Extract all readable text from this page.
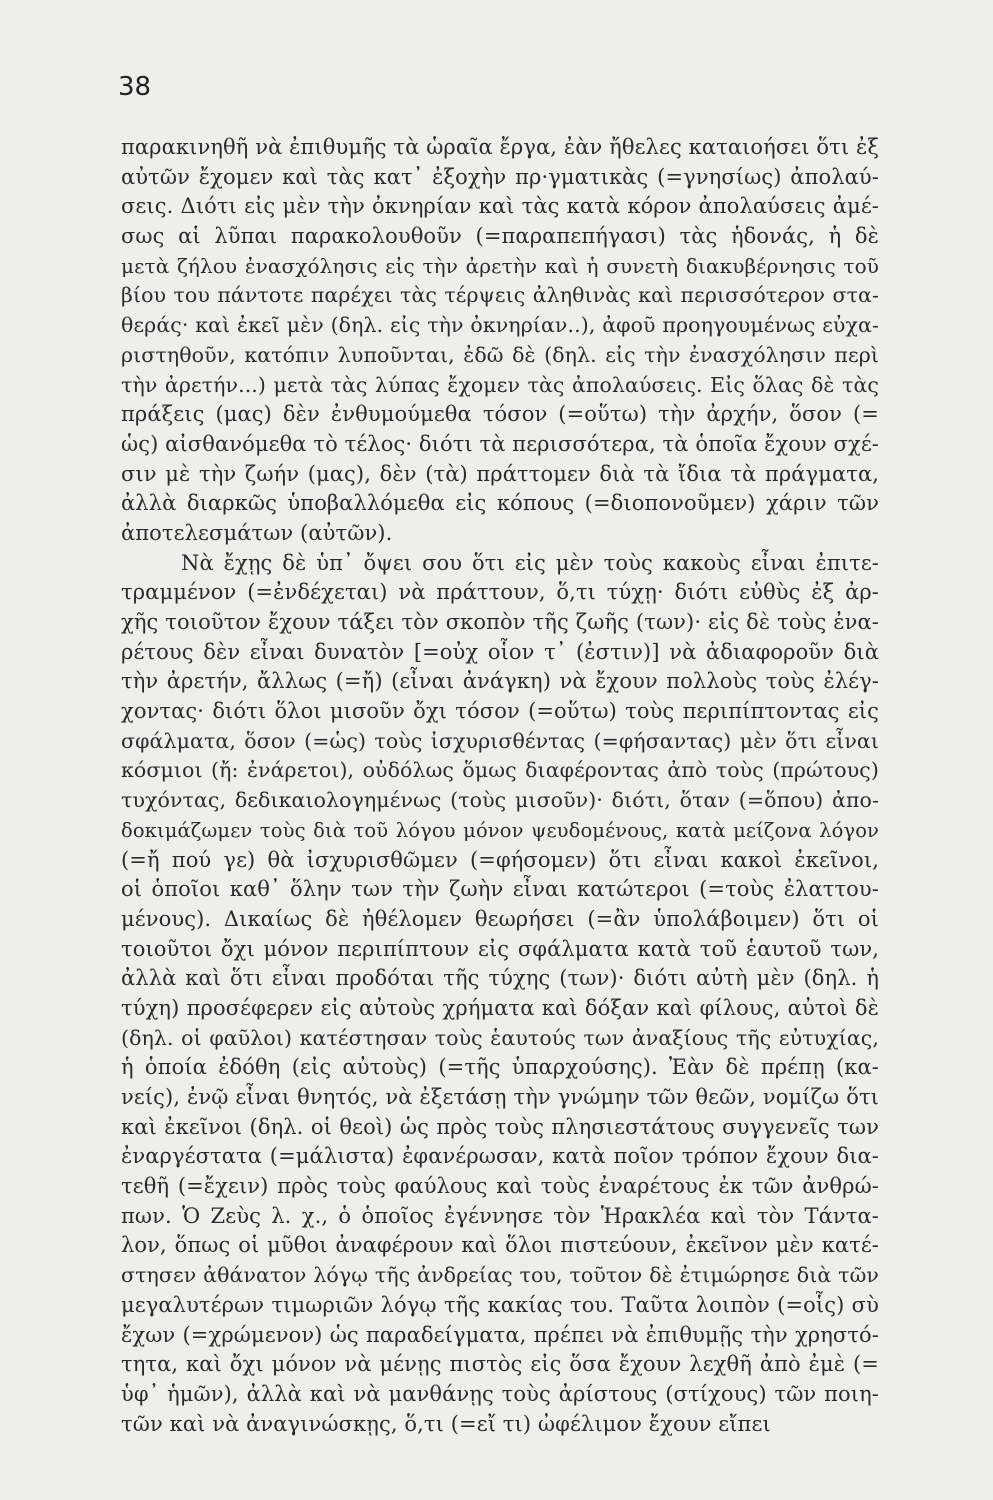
38
παρακινηθῆ νὰ ἐπιθυμῆς τὰ ὡραῖα ἔργα, ἐὰν ἤθελες καταιοήσει ὅτι ἐξ
αὐτῶν ἔχομεν καὶ τὰς κατ᾿ ἐξοχὴν πρ·γματικὰς (=γνησίως) ἀπολαύ-
σεις. Διότι εἰς μὲν τὴν ὀκνηρίαν καὶ τὰς κατὰ κόρον ἀπολαύσεις ἀμέ-
σως αἱ λῦπαι παρακολουθοῦν (=παραπεπήγασι) τὰς ἡδονάς, ἡ δὲ
μετὰ ζήλου ἐνασχόλησις εἰς τὴν ἀρετὴν καὶ ἡ συνετὴ διακυβέρνησις τοῦ
βίου του πάντοτε παρέχει τὰς τέρψεις ἀληθινὰς καὶ περισσότερον στα-
θεράς· καὶ ἐκεῖ μὲν (δηλ. εἰς τὴν ὀκνηρίαν..), ἀφοῦ προηγουμένως εὐχα-
ριστηθοῦν, κατόπιν λυποῦνται, ἐδῶ δὲ (δηλ. εἰς τὴν ἐνασχόλησιν περὶ
τὴν ἀρετήν...) μετὰ τὰς λύπας ἔχομεν τὰς ἀπολαύσεις. Εἰς ὅλας δὲ τὰς
πράξεις (μας) δὲν ἐνθυμούμεθα τόσον (=οὕτω) τὴν ἀρχήν, ὅσον (=
ὡς) αἰσθανόμεθα τὸ τέλος· διότι τὰ περισσότερα, τὰ ὁποῖα ἔχουν σχέ-
σιν μὲ τὴν ζωήν (μας), δὲν (τὰ) πράττομεν διὰ τὰ ἴδια τὰ πράγματα,
ἀλλὰ διαρκῶς ὑποβαλλόμεθα εἰς κόπους (=διοπονοῦμεν) χάριν τῶν
ἀποτελεσμάτων (αὐτῶν).
Νὰ ἔχῃς δὲ ὑπ᾿ ὄψει σου ὅτι εἰς μὲν τοὺς κακοὺς εἶναι ἐπιτε-
τραμμένον (=ἐνδέχεται) νὰ πράττουν, ὅ,τι τύχῃ· διότι εὐθὺς ἐξ ἀρ-
χῆς τοιοῦτον ἔχουν τάξει τὸν σκοπὸν τῆς ζωῆς (των)· εἰς δὲ τοὺς ἐνα-
ρέτους δὲν εἶναι δυνατὸν [=οὐχ οἷον τ᾿ (ἐστιν)] νὰ ἀδιαφοροῦν διὰ
τὴν ἀρετήν, ἄλλως (=ἤ) (εἶναι ἀνάγκη) νὰ ἔχουν πολλοὺς τοὺς ἐλέγ-
χοντας· διότι ὅλοι μισοῦν ὄχι τόσον (=οὕτω) τοὺς περιπίπτοντας εἰς
σφάλματα, ὅσον (=ὡς) τοὺς ἰσχυρισθέντας (=φήσαντας) μὲν ὅτι εἶναι
κόσμιοι (ἤ: ἐνάρετοι), οὐδόλως ὅμως διαφέροντας ἀπὸ τοὺς (πρώτους)
τυχόντας, δεδικαιολογημένως (τοὺς μισοῦν)· διότι, ὅταν (=ὅπου) ἀπο-
δοκιμάζωμεν τοὺς διὰ τοῦ λόγου μόνον ψευδομένους, κατὰ μείζονα λόγον
(=ἤ πού γε) θὰ ἰσχυρισθῶμεν (=φήσομεν) ὅτι εἶναι κακοὶ ἐκεῖνοι,
οἱ ὁποῖοι καθ᾿ ὅλην των τὴν ζωὴν εἶναι κατώτεροι (=τοὺς ἐλαττου-
μένους). Δικαίως δὲ ἠθέλομεν θεωρήσει (=ἂν ὑπολάβοιμεν) ὅτι οἱ
τοιοῦτοι ὄχι μόνον περιπίπτουν εἰς σφάλματα κατὰ τοῦ ἑαυτοῦ των,
ἀλλὰ καὶ ὅτι εἶναι προδόται τῆς τύχης (των)· διότι αὐτὴ μὲν (δηλ. ἡ
τύχη) προσέφερεν εἰς αὐτοὺς χρήματα καὶ δόξαν καὶ φίλους, αὐτοὶ δὲ
(δηλ. οἱ φαῦλοι) κατέστησαν τοὺς ἑαυτούς των ἀναξίους τῆς εὐτυχίας,
ἡ ὁποία ἐδόθη (εἰς αὐτοὺς) (=τῆς ὑπαρχούσης). Ἐὰν δὲ πρέπῃ (κα-
νείς), ἐνῷ εἶναι θνητός, νὰ ἐξετάσῃ τὴν γνώμην τῶν θεῶν, νομίζω ὅτι
καὶ ἐκεῖνοι (δηλ. οἱ θεοὶ) ὡς πρὸς τοὺς πλησιεστάτους συγγενεῖς των
ἐναργέστατα (=μάλιστα) ἐφανέρωσαν, κατὰ ποῖον τρόπον ἔχουν δια-
τεθῆ (=ἔχειν) πρὸς τοὺς φαύλους καὶ τοὺς ἐναρέτους ἐκ τῶν ἀνθρώ-
πων. Ὁ Ζεὺς λ. χ., ὁ ὁποῖος ἐγέννησε τὸν Ἡρακλέα καὶ τὸν Τάντα-
λον, ὅπως οἱ μῦθοι ἀναφέρουν καὶ ὅλοι πιστεύουν, ἐκεῖνον μὲν κατέ-
στησεν ἀθάνατον λόγῳ τῆς ἀνδρείας του, τοῦτον δὲ ἐτιμώρησε διὰ τῶν
μεγαλυτέρων τιμωριῶν λόγῳ τῆς κακίας του. Ταῦτα λοιπὸν (=οἷς) σὺ
ἔχων (=χρώμενον) ὡς παραδείγματα, πρέπει νὰ ἐπιθυμῇς τὴν χρηστό-
τητα, καὶ ὄχι μόνον νὰ μένῃς πιστὸς εἰς ὅσα ἔχουν λεχθῆ ἀπὸ ἐμὲ (=
ὑφ᾿ ἡμῶν), ἀλλὰ καὶ νὰ μανθάνῃς τοὺς ἀρίστους (στίχους) τῶν ποιη-
τῶν καὶ νὰ ἀναγινώσκῃς, ὅ,τι (=εἴ τι) ὠφέλιμον ἔχουν εἴπει
